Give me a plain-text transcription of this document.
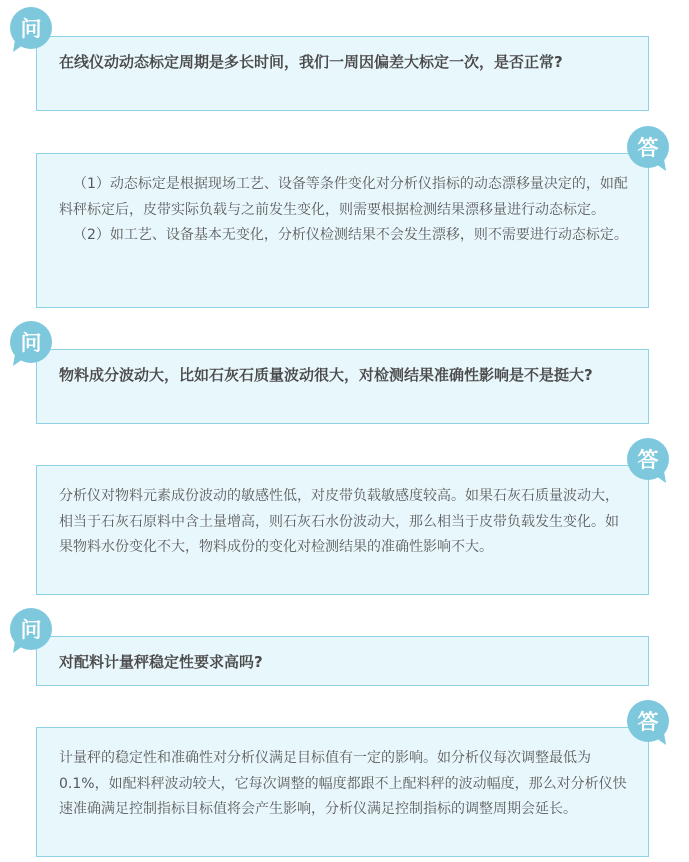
在线仪动动态标定周期是多长时间，我们一周因偏差大标定一次，是否正常?

问

（1）动态标定是根据现场工艺、设备等条件变化对分析仪指标的动态漂移量决定的，如配料秤标定后，皮带实际负载与之前发生变化，则需要根据检测结果漂移量进行动态标定。

（2）如工艺、设备基本无变化，分析仪检测结果不会发生漂移，则不需要进行动态标定。

答

物料成分波动大，比如石灰石质量波动很大，对检测结果准确性影响是不是挺大?

问

分析仪对物料元素成份波动的敏感性低，对皮带负载敏感度较高。如果石灰石质量波动大，相当于石灰石原料中含土量增高，则石灰石水份波动大，那么相当于皮带负载发生变化。如果物料水份变化不大，物料成份的变化对检测结果的准确性影响不大。

答

对配料计量秤稳定性要求高吗?

问

计量秤的稳定性和准确性对分析仪满足目标值有一定的影响。如分析仪每次调整最低为0.1%，如配料秤波动较大，它每次调整的幅度都跟不上配料秤的波动幅度，那么对分析仪快速准确满足控制指标目标值将会产生影响，分析仪满足控制指标的调整周期会延长。

答
